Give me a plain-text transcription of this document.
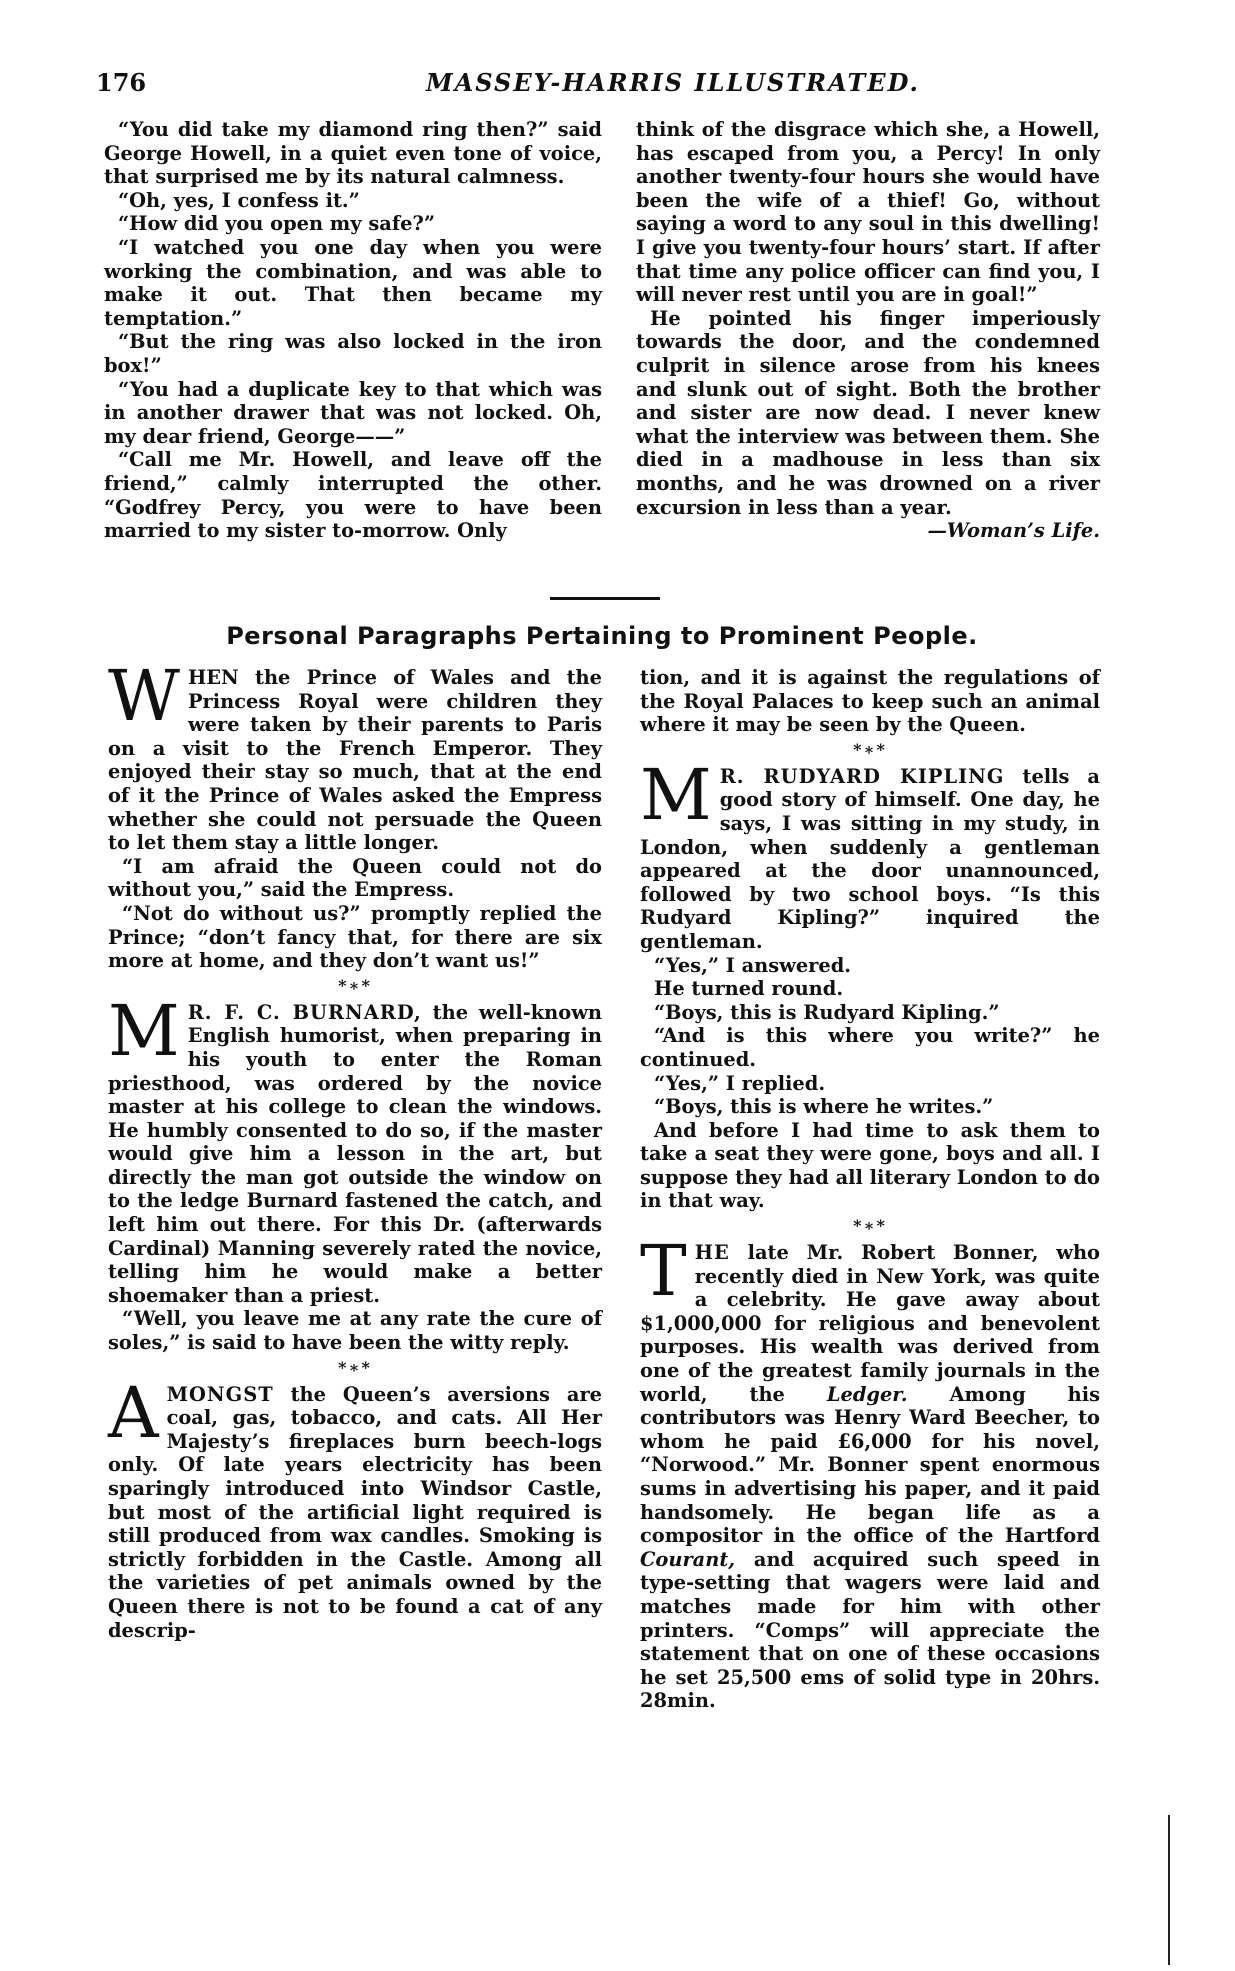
176	MASSEY-HARRIS ILLUSTRATED.

“You did take my diamond ring then?” said George Howell, in a quiet even tone of voice, that surprised me by its natural calmness.

“Oh, yes, I confess it.”

“How did you open my safe?”

“I watched you one day when you were working the combination, and was able to make it out. That then became my temptation.”

“But the ring was also locked in the iron box!”

“You had a duplicate key to that which was in another drawer that was not locked. Oh, my dear friend, George——”

“Call me Mr. Howell, and leave off the friend,” calmly interrupted the other. “Godfrey Percy, you were to have been married to my sister to-morrow. Only

think of the disgrace which she, a Howell, has escaped from you, a Percy! In only another twenty-four hours she would have been the wife of a thief! Go, without saying a word to any soul in this dwelling! I give you twenty-four hours’ start. If after that time any police officer can find you, I will never rest until you are in goal!”

He pointed his finger imperiously towards the door, and the condemned culprit in silence arose from his knees and slunk out of sight. Both the brother and sister are now dead. I never knew what the interview was between them. She died in a madhouse in less than six months, and he was drowned on a river excursion in less than a year.

—Woman’s Life.
Personal Paragraphs Pertaining to Prominent People.

WHEN the Prince of Wales and the Princess Royal were children they were taken by their parents to Paris on a visit to the French Emperor. They enjoyed their stay so much, that at the end of it the Prince of Wales asked the Empress whether she could not persuade the Queen to let them stay a little longer.

“I am afraid the Queen could not do without you,” said the Empress.

“Not do without us?” promptly replied the Prince; “don’t fancy that, for there are six more at home, and they don’t want us!”

*∗*

M R. F. C. BURNARD, the well-known English humorist, when preparing in his youth to enter the Roman priesthood, was ordered by the novice master at his college to clean the windows. He humbly consented to do so, if the master would give him a lesson in the art, but directly the man got outside the window on to the ledge Burnard fastened the catch, and left him out there. For this Dr. (afterwards Cardinal) Manning severely rated the novice, telling him he would make a better shoemaker than a priest.

“Well, you leave me at any rate the cure of soles,” is said to have been the witty reply.

*∗*

AMONGST the Queen’s aversions are coal, gas, tobacco, and cats. All Her Majesty’s fireplaces burn beech-logs only. Of late years electricity has been sparingly introduced into Windsor Castle, but most of the artificial light required is still produced from wax candles. Smoking is strictly forbidden in the Castle. Among all the varieties of pet animals owned by the Queen there is not to be found a cat of any descrip-

tion, and it is against the regulations of the Royal Palaces to keep such an animal where it may be seen by the Queen.

*∗*

M R. RUDYARD KIPLING tells a good story of himself. One day, he says, I was sitting in my study, in London, when suddenly a gentleman appeared at the door unannounced, followed by two school boys. “Is this Rudyard Kipling?” inquired the gentleman.

“Yes,” I answered.

He turned round.

“Boys, this is Rudyard Kipling.”

“And is this where you write?” he continued.

“Yes,” I replied.

“Boys, this is where he writes.”

And before I had time to ask them to take a seat they were gone, boys and all. I suppose they had all literary London to do in that way.

*∗*

THE late Mr. Robert Bonner, who recently died in New York, was quite a celebrity. He gave away about $1,000,000 for religious and benevolent purposes. His wealth was derived from one of the greatest family journals in the world, the Ledger. Among his contributors was Henry Ward Beecher, to whom he paid £6,000 for his novel, “Norwood.” Mr. Bonner spent enormous sums in advertising his paper, and it paid handsomely. He began life as a compositor in the office of the Hartford Courant, and acquired such speed in type-setting that wagers were laid and matches made for him with other printers. “Comps” will appreciate the statement that on one of these occasions he set 25,500 ems of solid type in 20hrs. 28min.
